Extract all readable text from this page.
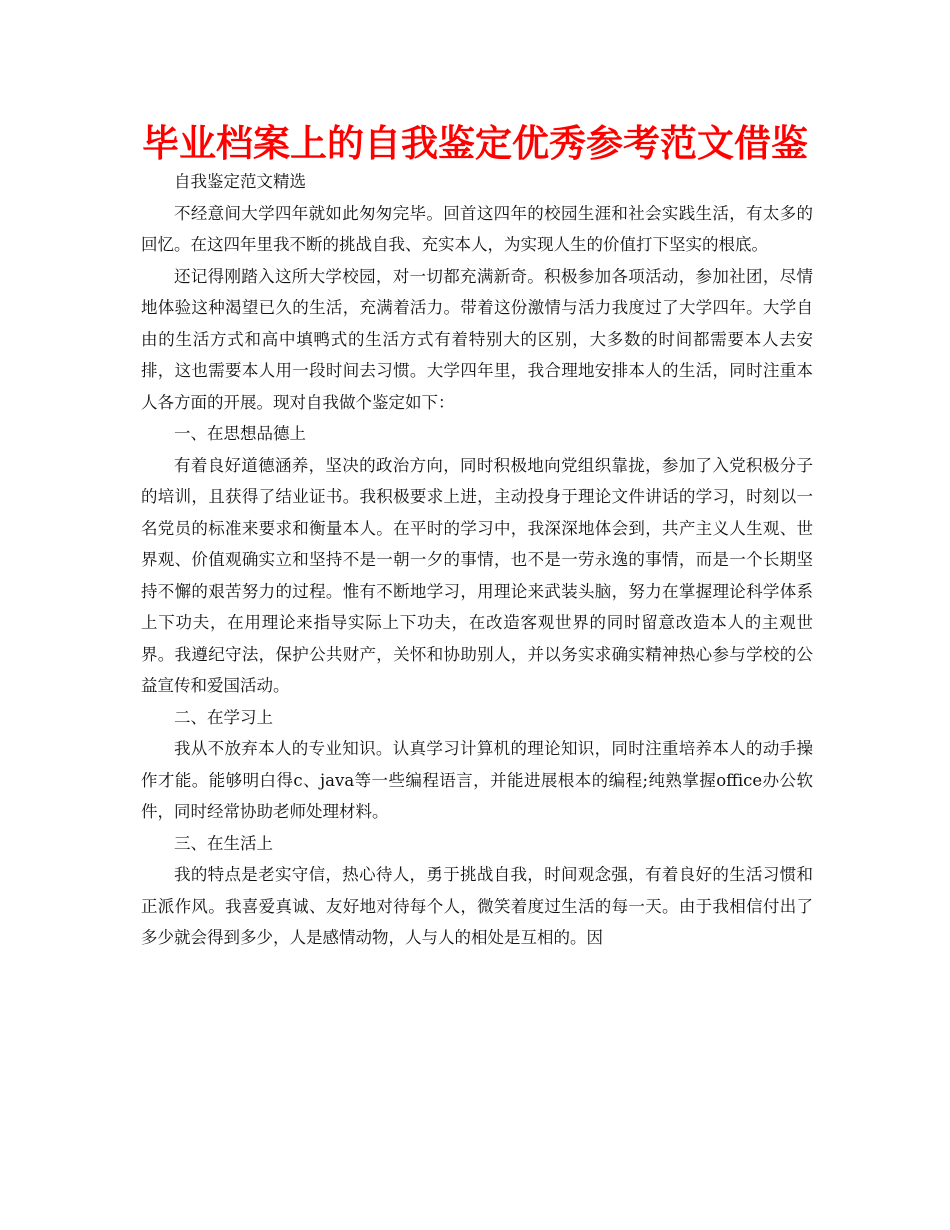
毕业档案上的自我鉴定优秀参考范文借鉴

自我鉴定范文精选

不经意间大学四年就如此匆匆完毕。回首这四年的校园生涯和社会实践生活，有太多的回忆。在这四年里我不断的挑战自我、充实本人，为实现人生的价值打下坚实的根底。

还记得刚踏入这所大学校园，对一切都充满新奇。积极参加各项活动，参加社团，尽情地体验这种渴望已久的生活，充满着活力。带着这份激情与活力我度过了大学四年。大学自由的生活方式和高中填鸭式的生活方式有着特别大的区别，大多数的时间都需要本人去安排，这也需要本人用一段时间去习惯。大学四年里，我合理地安排本人的生活，同时注重本人各方面的开展。现对自我做个鉴定如下：

一、在思想品德上

有着良好道德涵养，坚决的政治方向，同时积极地向党组织靠拢，参加了入党积极分子的培训，且获得了结业证书。我积极要求上进，主动投身于理论文件讲话的学习，时刻以一名党员的标准来要求和衡量本人。在平时的学习中，我深深地体会到，共产主义人生观、世界观、价值观确实立和坚持不是一朝一夕的事情，也不是一劳永逸的事情，而是一个长期坚持不懈的艰苦努力的过程。惟有不断地学习，用理论来武装头脑，努力在掌握理论科学体系上下功夫，在用理论来指导实际上下功夫，在改造客观世界的同时留意改造本人的主观世界。我遵纪守法，保护公共财产，关怀和协助别人，并以务实求确实精神热心参与学校的公益宣传和爱国活动。

二、在学习上

我从不放弃本人的专业知识。认真学习计算机的理论知识，同时注重培养本人的动手操作才能。能够明白得c、java等一些编程语言，并能进展根本的编程;纯熟掌握office办公软件，同时经常协助老师处理材料。

三、在生活上

我的特点是老实守信，热心待人，勇于挑战自我，时间观念强，有着良好的生活习惯和正派作风。我喜爱真诚、友好地对待每个人，微笑着度过生活的每一天。由于我相信付出了多少就会得到多少，人是感情动物，人与人的相处是互相的。因
